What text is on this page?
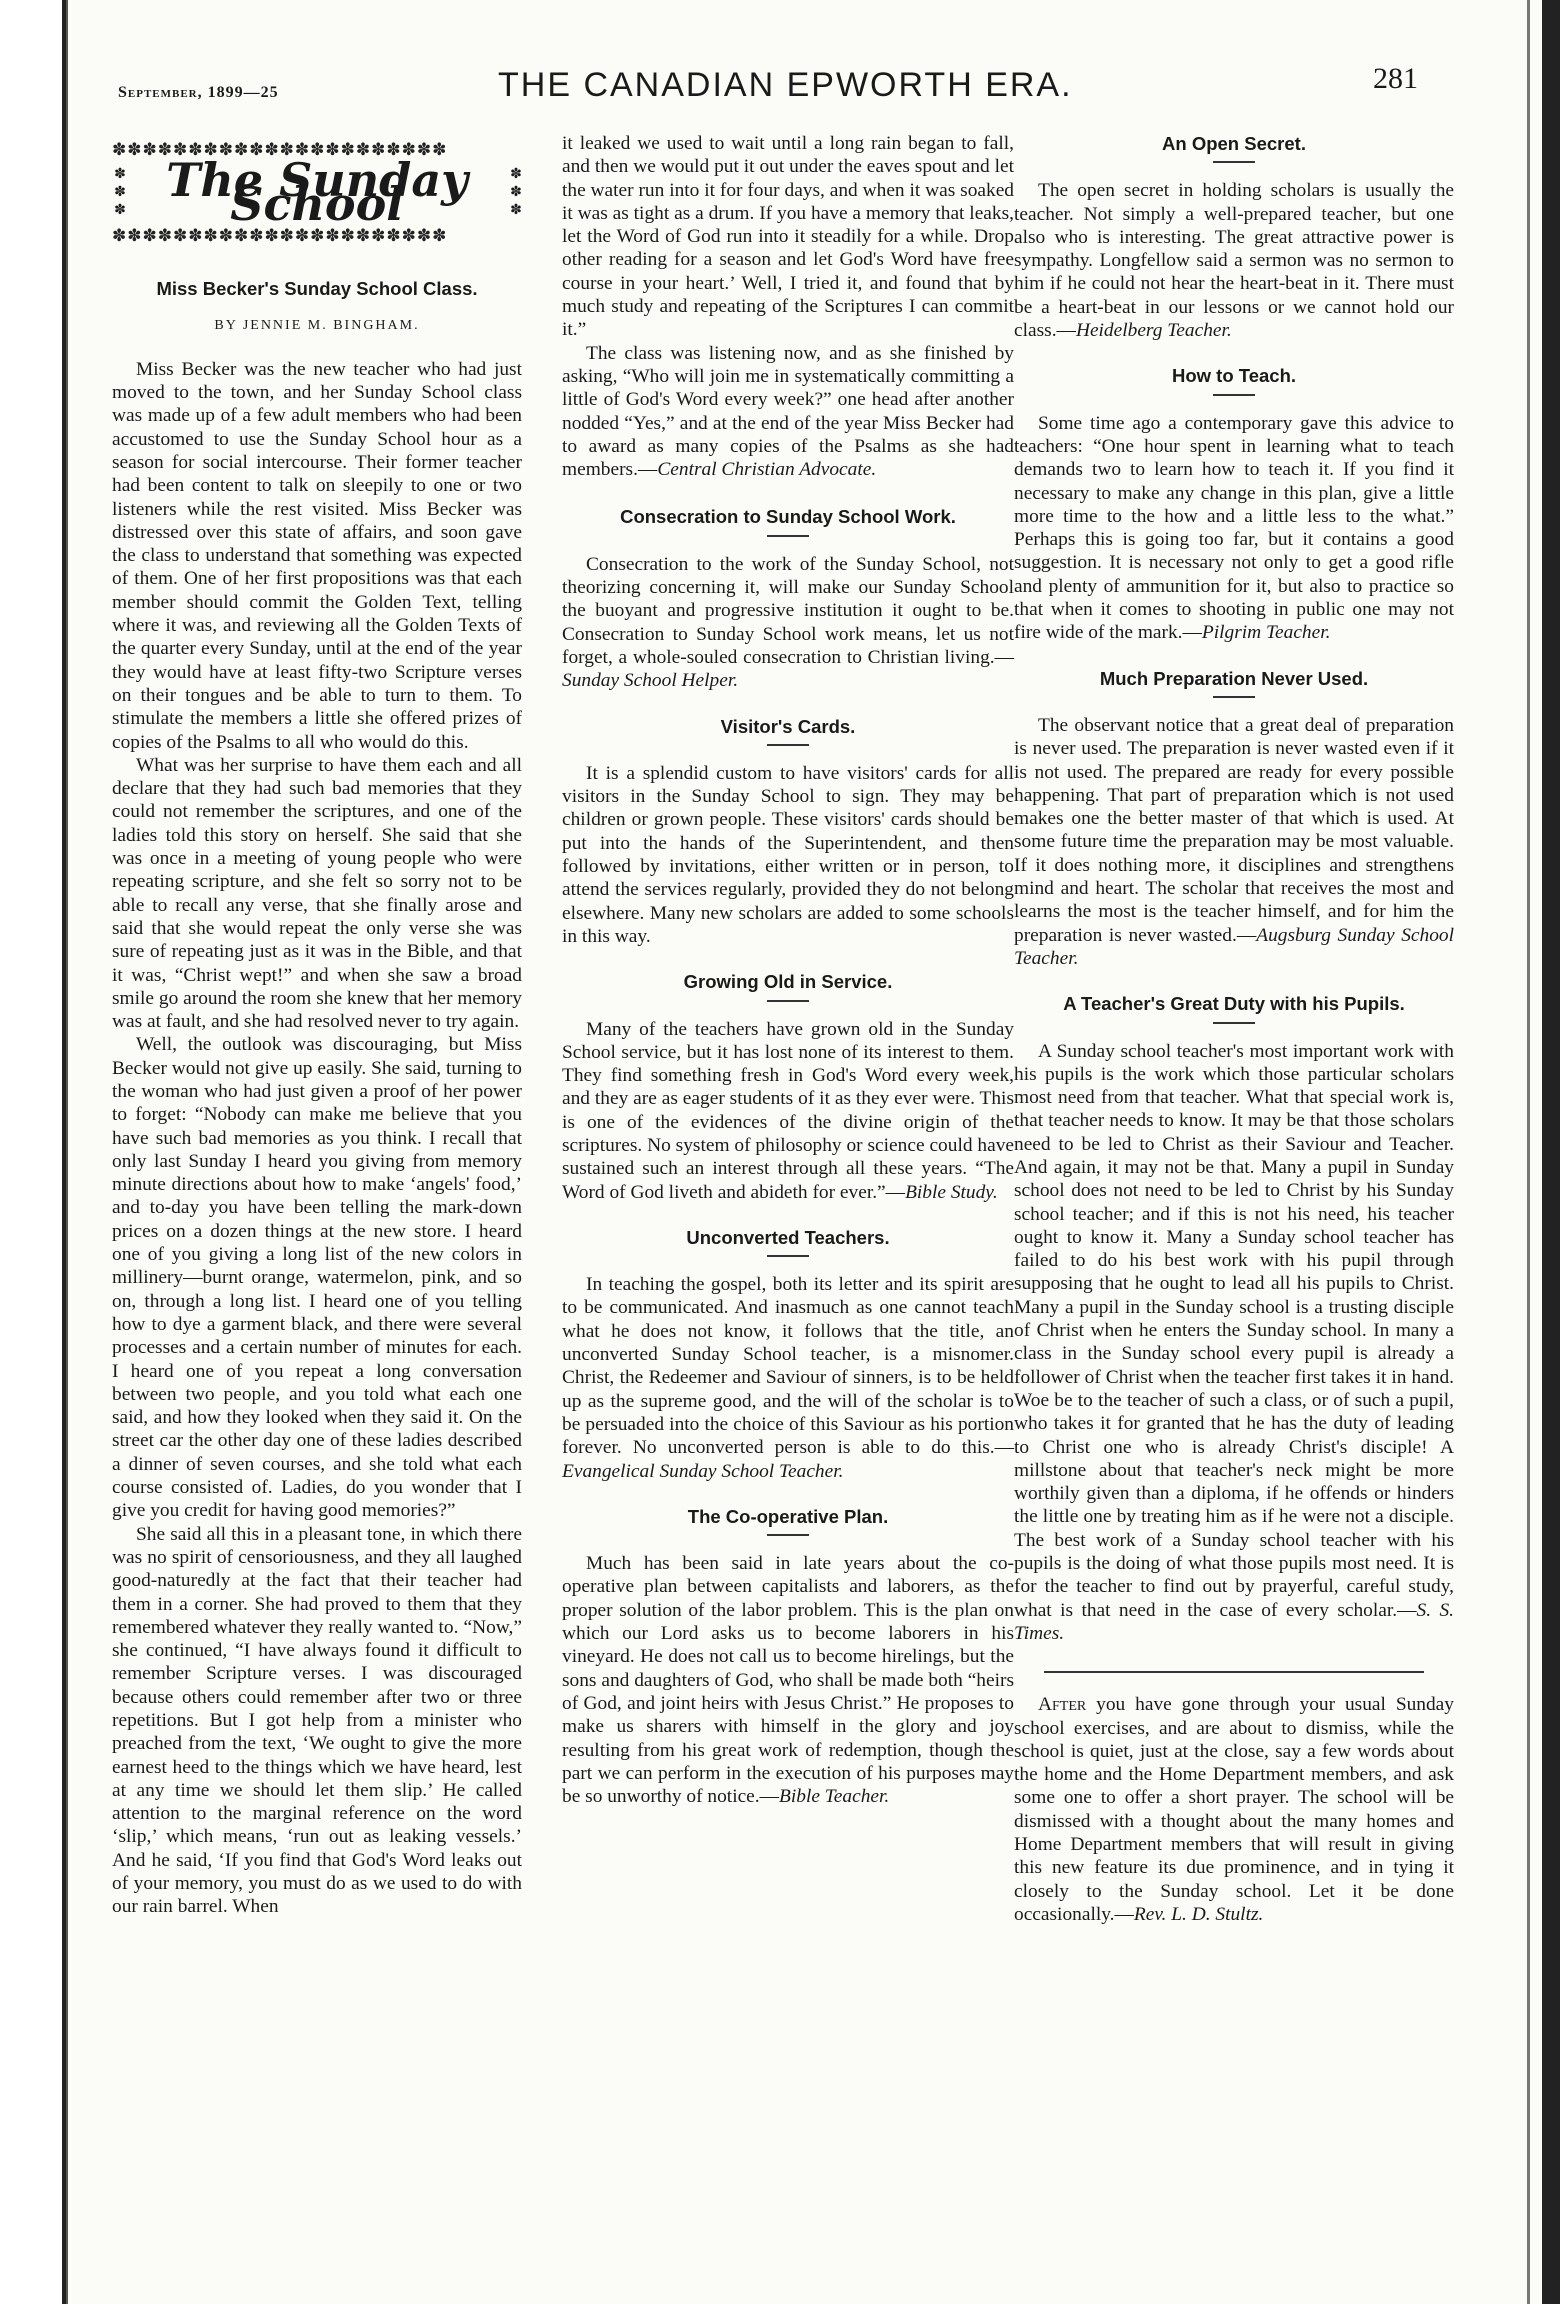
September, 1899—25	THE CANADIAN EPWORTH ERA.	281
✽✽✽✽✽✽✽✽✽✽✽✽✽✽✽✽✽✽✽✽✽✽
✽✽✽ The Sunday School	✽✽✽
✽✽✽✽✽✽✽✽✽✽✽✽✽✽✽✽✽✽✽✽✽✽
Miss Becker's Sunday School Class.
BY JENNIE M. BINGHAM.

Miss Becker was the new teacher who had just moved to the town, and her Sunday School class was made up of a few adult members who had been accustomed to use the Sunday School hour as a season for social intercourse. Their former teacher had been content to talk on sleepily to one or two listeners while the rest visited. Miss Becker was distressed over this state of affairs, and soon gave the class to understand that something was expected of them. One of her first propositions was that each member should commit the Golden Text, telling where it was, and reviewing all the Golden Texts of the quarter every Sunday, until at the end of the year they would have at least fifty-two Scripture verses on their tongues and be able to turn to them. To stimulate the members a little she offered prizes of copies of the Psalms to all who would do this.

What was her surprise to have them each and all declare that they had such bad memories that they could not remember the scriptures, and one of the ladies told this story on herself. She said that she was once in a meeting of young people who were repeating scripture, and she felt so sorry not to be able to recall any verse, that she finally arose and said that she would repeat the only verse she was sure of repeating just as it was in the Bible, and that it was, “Christ wept!” and when she saw a broad smile go around the room she knew that her memory was at fault, and she had resolved never to try again.

Well, the outlook was discouraging, but Miss Becker would not give up easily. She said, turning to the woman who had just given a proof of her power to forget: “Nobody can make me believe that you have such bad memories as you think. I recall that only last Sunday I heard you giving from memory minute directions about how to make ‘angels' food,’ and to-day you have been telling the mark-down prices on a dozen things at the new store. I heard one of you giving a long list of the new colors in millinery—burnt orange, watermelon, pink, and so on, through a long list. I heard one of you telling how to dye a garment black, and there were several processes and a certain number of minutes for each. I heard one of you repeat a long conversation between two people, and you told what each one said, and how they looked when they said it. On the street car the other day one of these ladies described a dinner of seven courses, and she told what each course consisted of. Ladies, do you wonder that I give you credit for having good memories?”

She said all this in a pleasant tone, in which there was no spirit of censoriousness, and they all laughed good-naturedly at the fact that their teacher had them in a corner. She had proved to them that they remembered whatever they really wanted to. “Now,” she continued, “I have always found it difficult to remember Scripture verses. I was discouraged because others could remember after two or three repetitions. But I got help from a minister who preached from the text, ‘We ought to give the more earnest heed to the things which we have heard, lest at any time we should let them slip.’ He called attention to the marginal reference on the word ‘slip,’ which means, ‘run out as leaking vessels.’ And he said, ‘If you find that God's Word leaks out of your memory, you must do as we used to do with our rain barrel. When

it leaked we used to wait until a long rain began to fall, and then we would put it out under the eaves spout and let the water run into it for four days, and when it was soaked it was as tight as a drum. If you have a memory that leaks, let the Word of God run into it steadily for a while. Drop other reading for a season and let God's Word have free course in your heart.’ Well, I tried it, and found that by much study and repeating of the Scriptures I can commit it.”

The class was listening now, and as she finished by asking, “Who will join me in systematically committing a little of God's Word every week?” one head after another nodded “Yes,” and at the end of the year Miss Becker had to award as many copies of the Psalms as she had members.—Central Christian Advocate.

Consecration to Sunday School Work.

Consecration to the work of the Sunday School, not theorizing concerning it, will make our Sunday School the buoyant and progressive institution it ought to be. Consecration to Sunday School work means, let us not forget, a whole-souled consecration to Christian living.—Sunday School Helper.

Visitor's Cards.

It is a splendid custom to have visitors' cards for all visitors in the Sunday School to sign. They may be children or grown people. These visitors' cards should be put into the hands of the Superintendent, and then followed by invitations, either written or in person, to attend the services regularly, provided they do not belong elsewhere. Many new scholars are added to some schools in this way.

Growing Old in Service.

Many of the teachers have grown old in the Sunday School service, but it has lost none of its interest to them. They find something fresh in God's Word every week, and they are as eager students of it as they ever were. This is one of the evidences of the divine origin of the scriptures. No system of philosophy or science could have sustained such an interest through all these years. “The Word of God liveth and abideth for ever.”—Bible Study.

Unconverted Teachers.

In teaching the gospel, both its letter and its spirit are to be communicated. And inasmuch as one cannot teach what he does not know, it follows that the title, an unconverted Sunday School teacher, is a misnomer. Christ, the Redeemer and Saviour of sinners, is to be held up as the supreme good, and the will of the scholar is to be persuaded into the choice of this Saviour as his portion forever. No unconverted person is able to do this.—Evangelical Sunday School Teacher.

The Co-operative Plan.

Much has been said in late years about the co-operative plan between capitalists and laborers, as the proper solution of the labor problem. This is the plan on which our Lord asks us to become laborers in his vineyard. He does not call us to become hirelings, but the sons and daughters of God, who shall be made both “heirs of God, and joint heirs with Jesus Christ.” He proposes to make us sharers with himself in the glory and joy resulting from his great work of redemption, though the part we can perform in the execution of his purposes may be so unworthy of notice.—Bible Teacher.

An Open Secret.

The open secret in holding scholars is usually the teacher. Not simply a well-prepared teacher, but one also who is interesting. The great attractive power is sympathy. Longfellow said a sermon was no sermon to him if he could not hear the heart-beat in it. There must be a heart-beat in our lessons or we cannot hold our class.—Heidelberg Teacher.

How to Teach.

Some time ago a contemporary gave this advice to teachers: “One hour spent in learning what to teach demands two to learn how to teach it. If you find it necessary to make any change in this plan, give a little more time to the how and a little less to the what.” Perhaps this is going too far, but it contains a good suggestion. It is necessary not only to get a good rifle and plenty of ammunition for it, but also to practice so that when it comes to shooting in public one may not fire wide of the mark.—Pilgrim Teacher.

Much Preparation Never Used.

The observant notice that a great deal of preparation is never used. The preparation is never wasted even if it is not used. The prepared are ready for every possible happening. That part of preparation which is not used makes one the better master of that which is used. At some future time the preparation may be most valuable. If it does nothing more, it disciplines and strengthens mind and heart. The scholar that receives the most and learns the most is the teacher himself, and for him the preparation is never wasted.—Augsburg Sunday School Teacher.

A Teacher's Great Duty with his Pupils.

A Sunday school teacher's most important work with his pupils is the work which those particular scholars most need from that teacher. What that special work is, that teacher needs to know. It may be that those scholars need to be led to Christ as their Saviour and Teacher. And again, it may not be that. Many a pupil in Sunday school does not need to be led to Christ by his Sunday school teacher; and if this is not his need, his teacher ought to know it. Many a Sunday school teacher has failed to do his best work with his pupil through supposing that he ought to lead all his pupils to Christ. Many a pupil in the Sunday school is a trusting disciple of Christ when he enters the Sunday school. In many a class in the Sunday school every pupil is already a follower of Christ when the teacher first takes it in hand. Woe be to the teacher of such a class, or of such a pupil, who takes it for granted that he has the duty of leading to Christ one who is already Christ's disciple! A millstone about that teacher's neck might be more worthily given than a diploma, if he offends or hinders the little one by treating him as if he were not a disciple. The best work of a Sunday school teacher with his pupils is the doing of what those pupils most need. It is for the teacher to find out by prayerful, careful study, what is that need in the case of every scholar.—S. S. Times.

After you have gone through your usual Sunday school exercises, and are about to dismiss, while the school is quiet, just at the close, say a few words about the home and the Home Department members, and ask some one to offer a short prayer. The school will be dismissed with a thought about the many homes and Home Department members that will result in giving this new feature its due prominence, and in tying it closely to the Sunday school. Let it be done occasionally.—Rev. L. D. Stultz.
